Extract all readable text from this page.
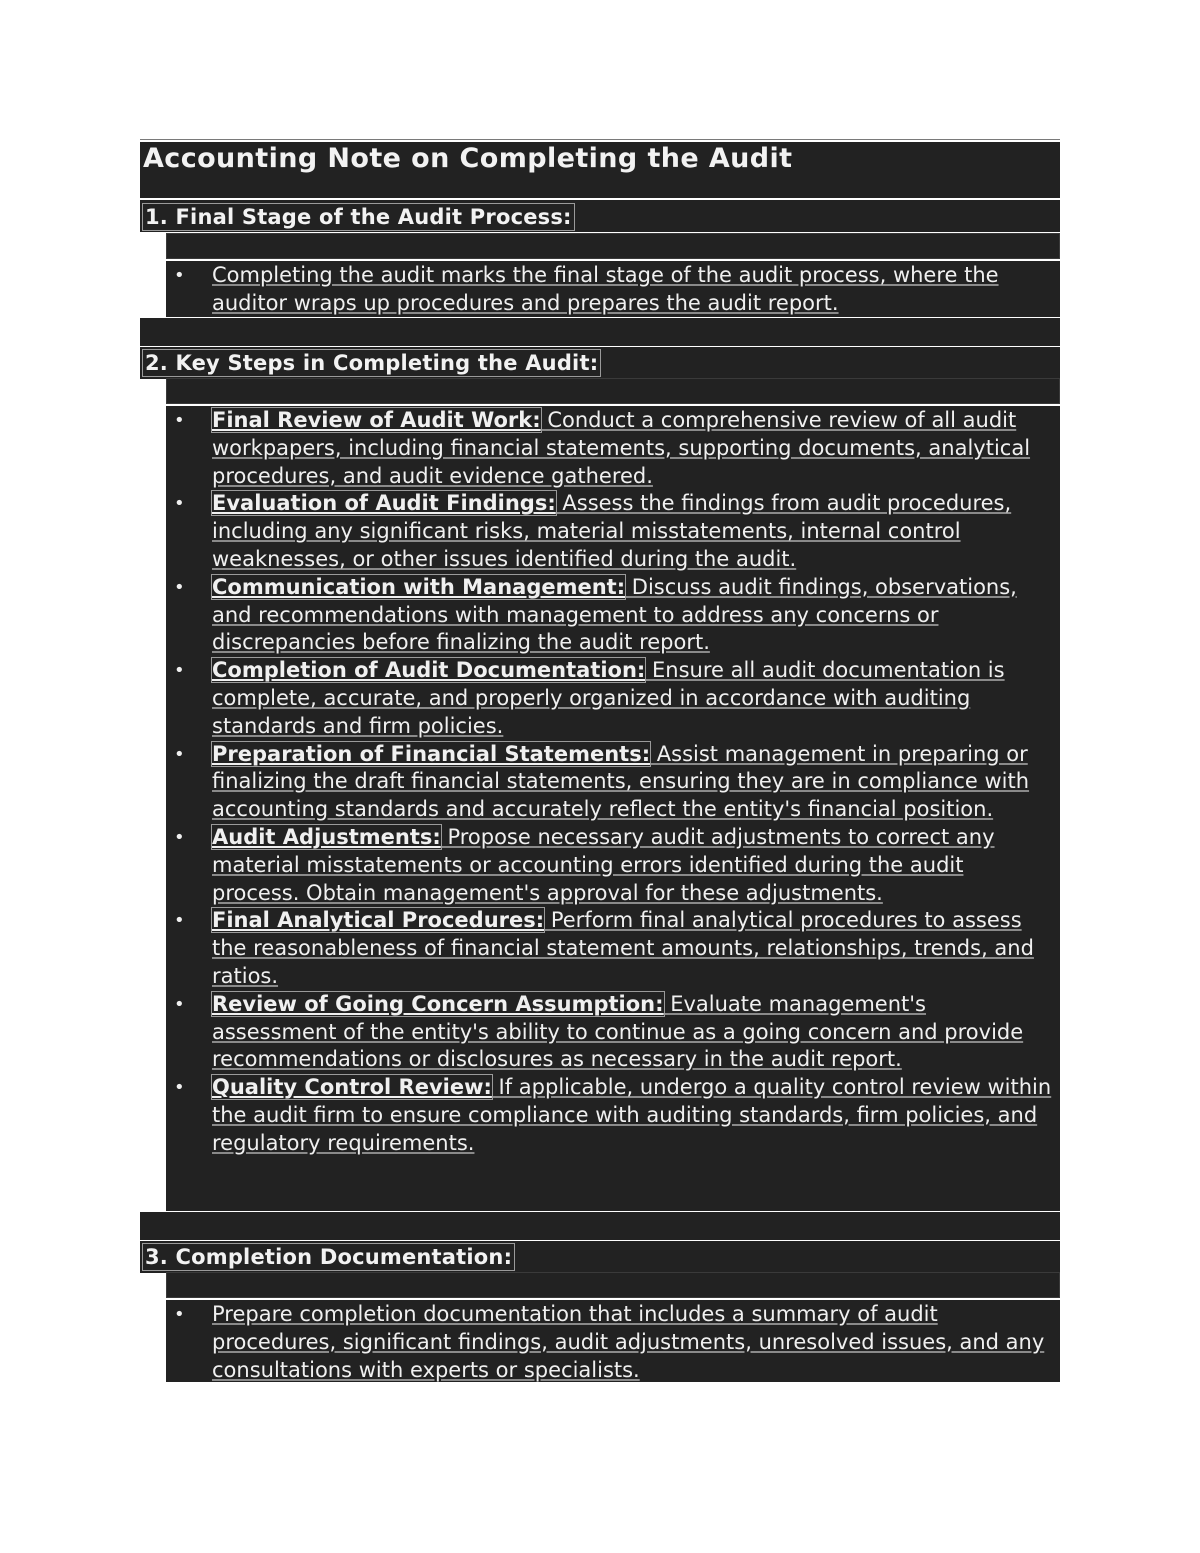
Accounting Note on Completing the Audit
1. Final Stage of the Audit Process:
• Completing the audit marks the final stage of the audit process, where the auditor wraps up procedures and prepares the audit report.
2. Key Steps in Completing the Audit:
• Final Review of Audit Work: Conduct a comprehensive review of all audit workpapers, including financial statements, supporting documents, analytical procedures, and audit evidence gathered.
• Evaluation of Audit Findings: Assess the findings from audit procedures, including any significant risks, material misstatements, internal control weaknesses, or other issues identified during the audit.
• Communication with Management: Discuss audit findings, observations, and recommendations with management to address any concerns or discrepancies before finalizing the audit report.
• Completion of Audit Documentation: Ensure all audit documentation is complete, accurate, and properly organized in accordance with auditing standards and firm policies.
• Preparation of Financial Statements: Assist management in preparing or finalizing the draft financial statements, ensuring they are in compliance with accounting standards and accurately reflect the entity's financial position.
• Audit Adjustments: Propose necessary audit adjustments to correct any material misstatements or accounting errors identified during the audit process. Obtain management's approval for these adjustments.
• Final Analytical Procedures: Perform final analytical procedures to assess the reasonableness of financial statement amounts, relationships, trends, and ratios.
• Review of Going Concern Assumption: Evaluate management's assessment of the entity's ability to continue as a going concern and provide recommendations or disclosures as necessary in the audit report.
• Quality Control Review: If applicable, undergo a quality control review within the audit firm to ensure compliance with auditing standards, firm policies, and regulatory requirements.
3. Completion Documentation:
• Prepare completion documentation that includes a summary of audit procedures, significant findings, audit adjustments, unresolved issues, and any consultations with experts or specialists.
